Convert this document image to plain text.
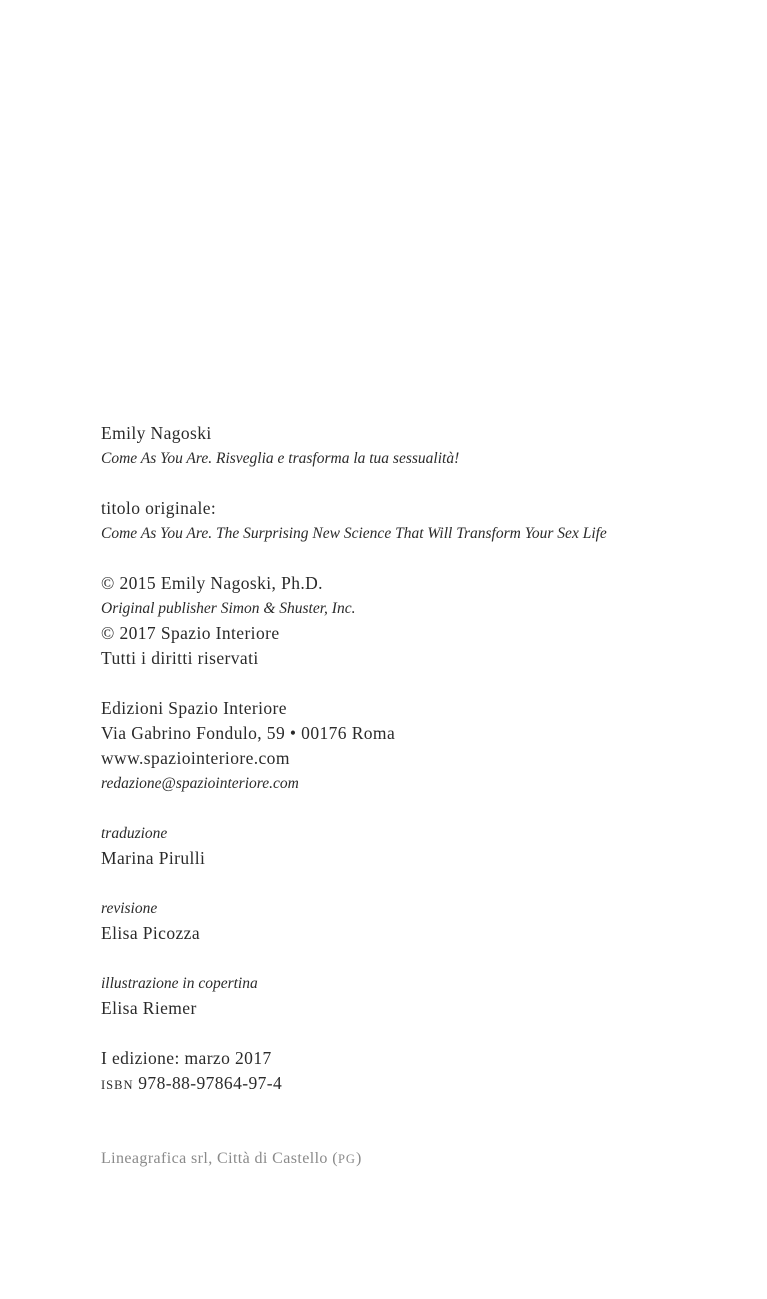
Emily Nagoski
Come As You Are. Risveglia e trasforma la tua sessualità!
titolo originale:
Come As You Are. The Surprising New Science That Will Transform Your Sex Life
© 2015 Emily Nagoski, Ph.D.
Original publisher Simon & Shuster, Inc.
© 2017 Spazio Interiore
Tutti i diritti riservati
Edizioni Spazio Interiore
Via Gabrino Fondulo, 59 • 00176 Roma
www.spaziointeriore.com
redazione@spaziointeriore.com
traduzione
Marina Pirulli
revisione
Elisa Picozza
illustrazione in copertina
Elisa Riemer
I edizione: marzo 2017
ISBN 978-88-97864-97-4
Lineagrafica srl, Città di Castello (PG)
